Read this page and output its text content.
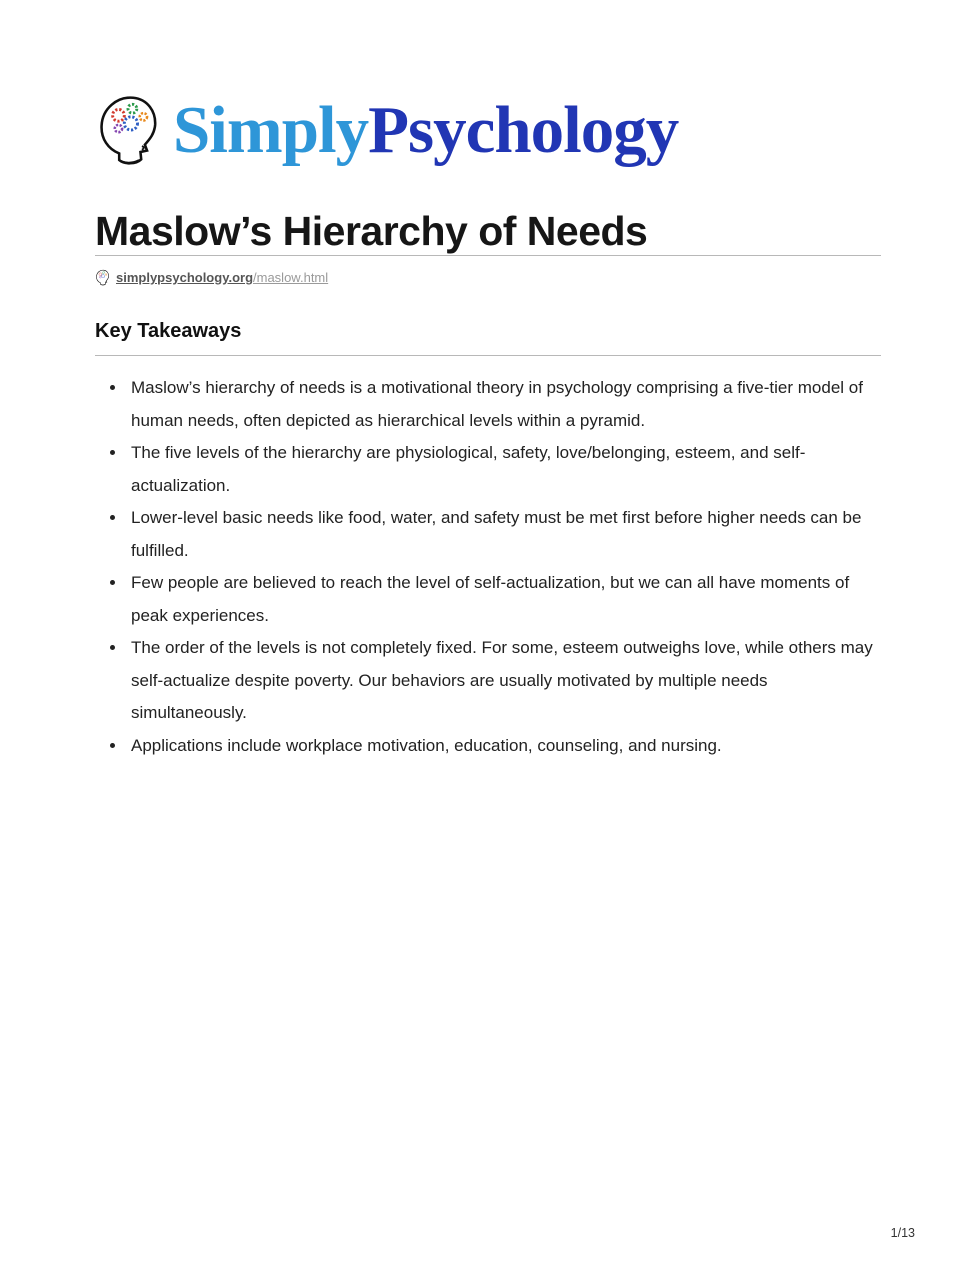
SimplyPsychology
Maslow’s Hierarchy of Needs
simplypsychology.org/maslow.html
Key Takeaways
• Maslow’s hierarchy of needs is a motivational theory in psychology comprising a five-tier model of human needs, often depicted as hierarchical levels within a pyramid.
• The five levels of the hierarchy are physiological, safety, love/belonging, esteem, and self-actualization.
• Lower-level basic needs like food, water, and safety must be met first before higher needs can be fulfilled.
• Few people are believed to reach the level of self-actualization, but we can all have moments of peak experiences.
• The order of the levels is not completely fixed. For some, esteem outweighs love, while others may self-actualize despite poverty. Our behaviors are usually motivated by multiple needs simultaneously.
• Applications include workplace motivation, education, counseling, and nursing.
1/13
